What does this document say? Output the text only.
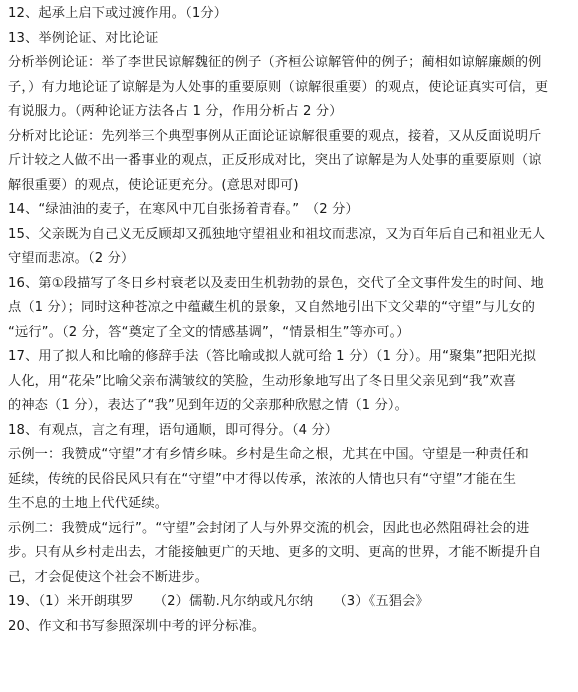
12、起承上启下或过渡作用。（1分）
13、举例论证、对比论证
分析举例论证：举了李世民谅解魏征的例子（齐桓公谅解管仲的例子；蔺相如谅解廉颇的例
子，）有力地论证了谅解是为人处事的重要原则（谅解很重要）的观点，使论证真实可信，更
有说服力。（两种论证方法各占 1 分，作用分析占 2 分）
分析对比论证：先列举三个典型事例从正面论证谅解很重要的观点，接着，又从反面说明斤
斤计较之人做不出一番事业的观点，正反形成对比，突出了谅解是为人处事的重要原则（谅
解很重要）的观点，使论证更充分。(意思对即可)
14、“绿油油的麦子，在寒风中兀自张扬着青春。”　（2 分）
15、父亲既为自己义无反顾却又孤独地守望祖业和祖坟而悲凉，又为百年后自己和祖业无人
守望而悲凉。（2 分）
16、第①段描写了冬日乡村衰老以及麦田生机勃勃的景色，交代了全文事件发生的时间、地
点（1 分）；同时这种苍凉之中蕴藏生机的景象，又自然地引出下文父辈的“守望”与儿女的
“远行”。（2 分，答“奠定了全文的情感基调”，“情景相生”等亦可。）
17、用了拟人和比喻的修辞手法（答比喻或拟人就可给 1 分）（1 分）。用“聚集”把阳光拟
人化，用“花朵”比喻父亲布满皱纹的笑脸，生动形象地写出了冬日里父亲见到“我”欢喜
的神态（1 分），表达了“我”见到年迈的父亲那种欣慰之情（1 分）。
18、有观点，言之有理，语句通顺，即可得分。（4 分）
示例一：我赞成“守望”才有乡情乡味。乡村是生命之根，尤其在中国。守望是一种责任和
延续，传统的民俗民风只有在“守望”中才得以传承，浓浓的人情也只有“守望”才能在生
生不息的土地上代代延续。
示例二：我赞成“远行”。“守望”会封闭了人与外界交流的机会，因此也必然阻碍社会的进
步。只有从乡村走出去，才能接触更广的天地、更多的文明、更高的世界，才能不断提升自
己，才会促使这个社会不断进步。
19、（1）米开朗琪罗　　（2）儒勒.凡尔纳或凡尔纳　　（3）《五猖会》
20、作文和书写参照深圳中考的评分标准。
